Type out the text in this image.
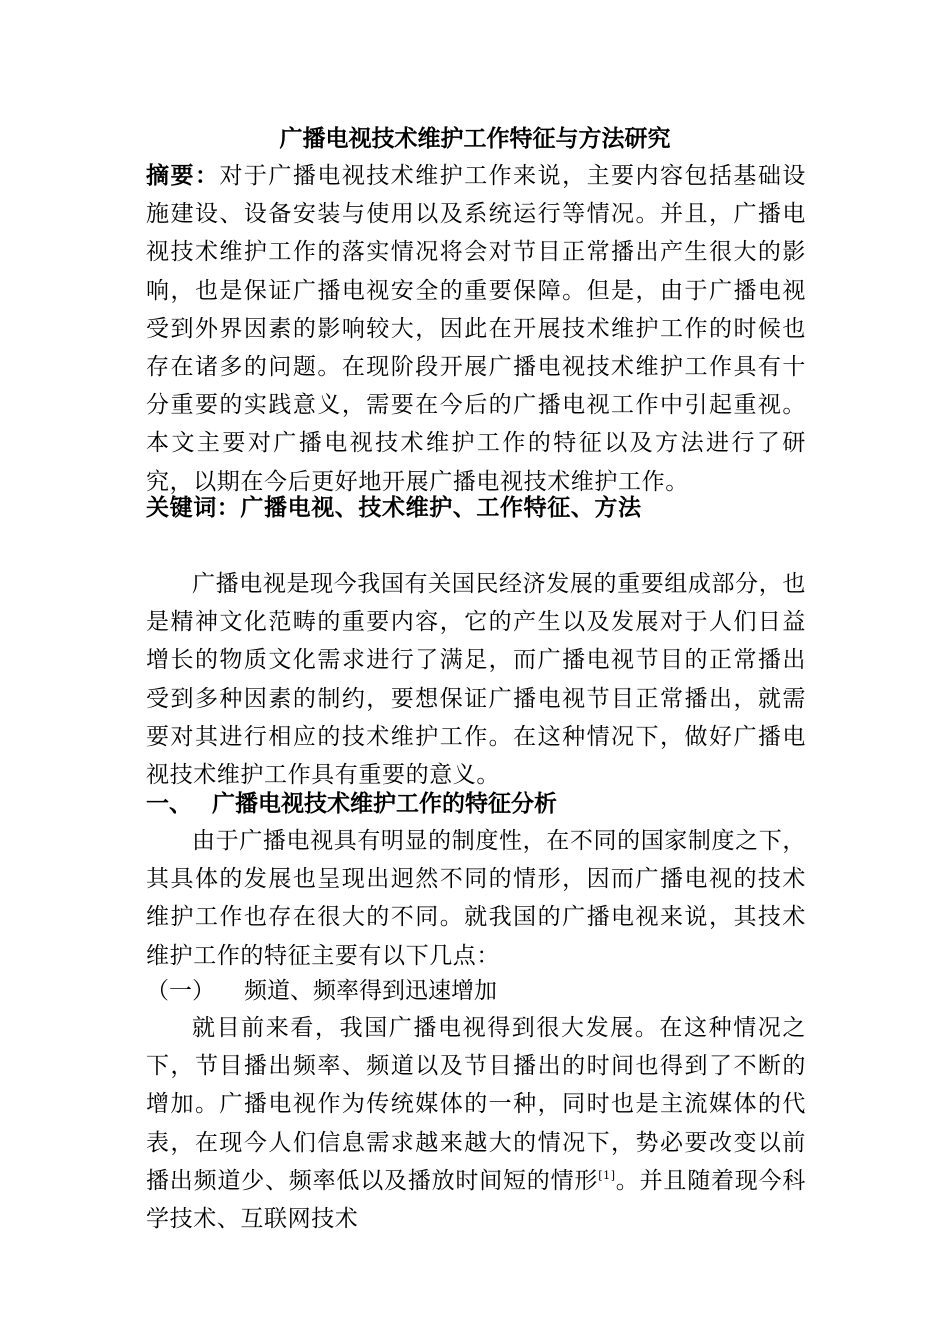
广播电视技术维护工作特征与方法研究
摘要：对于广播电视技术维护工作来说，主要内容包括基础设施建设、设备安装与使用以及系统运行等情况。并且，广播电视技术维护工作的落实情况将会对节目正常播出产生很大的影响，也是保证广播电视安全的重要保障。但是，由于广播电视受到外界因素的影响较大，因此在开展技术维护工作的时候也存在诸多的问题。在现阶段开展广播电视技术维护工作具有十分重要的实践意义，需要在今后的广播电视工作中引起重视。本文主要对广播电视技术维护工作的特征以及方法进行了研究，以期在今后更好地开展广播电视技术维护工作。
关键词：广播电视、技术维护、工作特征、方法
广播电视是现今我国有关国民经济发展的重要组成部分，也是精神文化范畴的重要内容，它的产生以及发展对于人们日益增长的物质文化需求进行了满足，而广播电视节目的正常播出受到多种因素的制约，要想保证广播电视节目正常播出，就需要对其进行相应的技术维护工作。在这种情况下，做好广播电视技术维护工作具有重要的意义。
一、 广播电视技术维护工作的特征分析
由于广播电视具有明显的制度性，在不同的国家制度之下，其具体的发展也呈现出迥然不同的情形，因而广播电视的技术维护工作也存在很大的不同。就我国的广播电视来说，其技术维护工作的特征主要有以下几点：
（一） 频道、频率得到迅速增加
就目前来看，我国广播电视得到很大发展。在这种情况之下，节目播出频率、频道以及节目播出的时间也得到了不断的增加。广播电视作为传统媒体的一种，同时也是主流媒体的代表，在现今人们信息需求越来越大的情况下，势必要改变以前播出频道少、频率低以及播放时间短的情形[1]。并且随着现今科学技术、互联网技术
